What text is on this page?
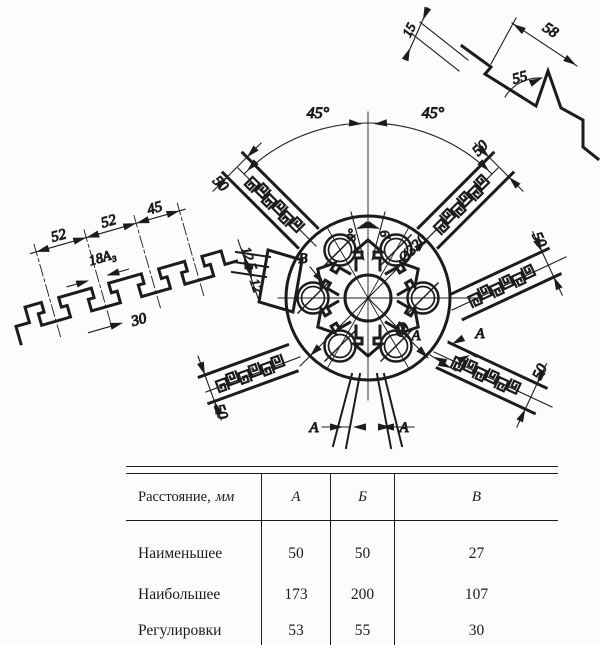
Ø320
60
9° 6'
45°	45°
50
50
50
50
50
А	А
А
А
В
52
52
45
18A₃
30
12,5
12
15	58
55
Расстояние, мм	А	Б	В
Наименьшее	50	50	27
Наибольшее	173	200	107
Регулировки	53	55	30
